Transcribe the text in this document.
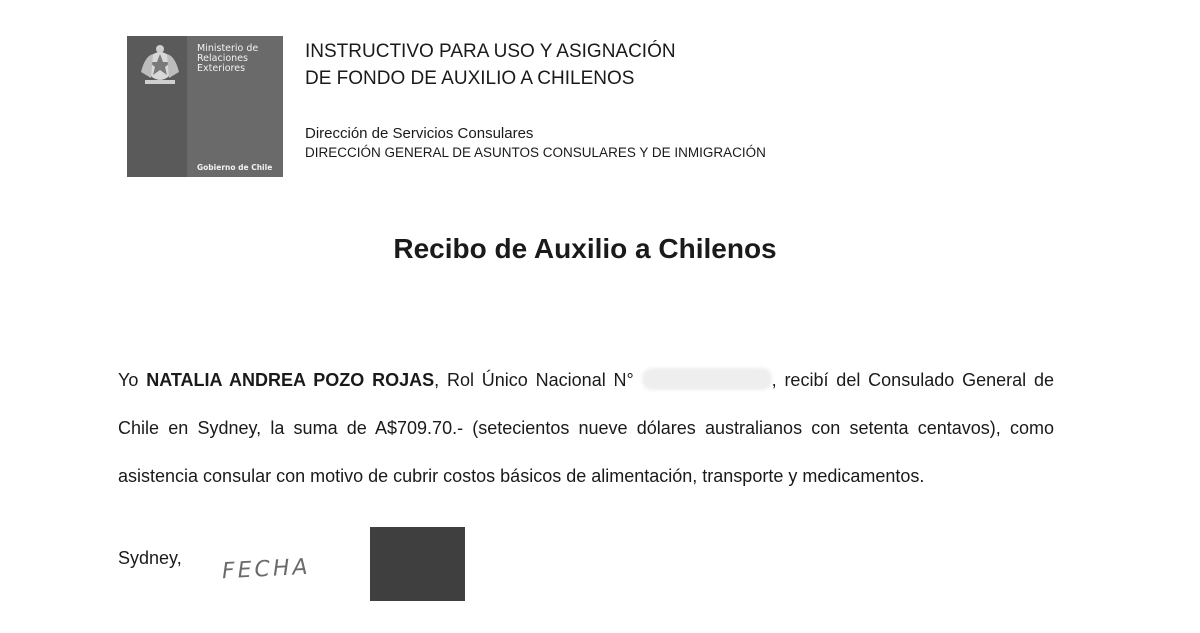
Ministerio de
Relaciones
Exteriores
Gobierno de Chile
INSTRUCTIVO PARA USO Y ASIGNACIÓN
DE FONDO DE AUXILIO A CHILENOS
Dirección de Servicios Consulares
DIRECCIÓN GENERAL DE ASUNTOS CONSULARES Y DE INMIGRACIÓN
Recibo de Auxilio a Chilenos
Yo NATALIA ANDREA POZO ROJAS, Rol Único Nacional N°	, recibí del Consulado General de Chile en Sydney, la suma de A$709.70.- (setecientos nueve dólares australianos con setenta centavos), como asistencia consular con motivo de cubrir costos básicos de alimentación, transporte y medicamentos.
Sydney, FECHA
